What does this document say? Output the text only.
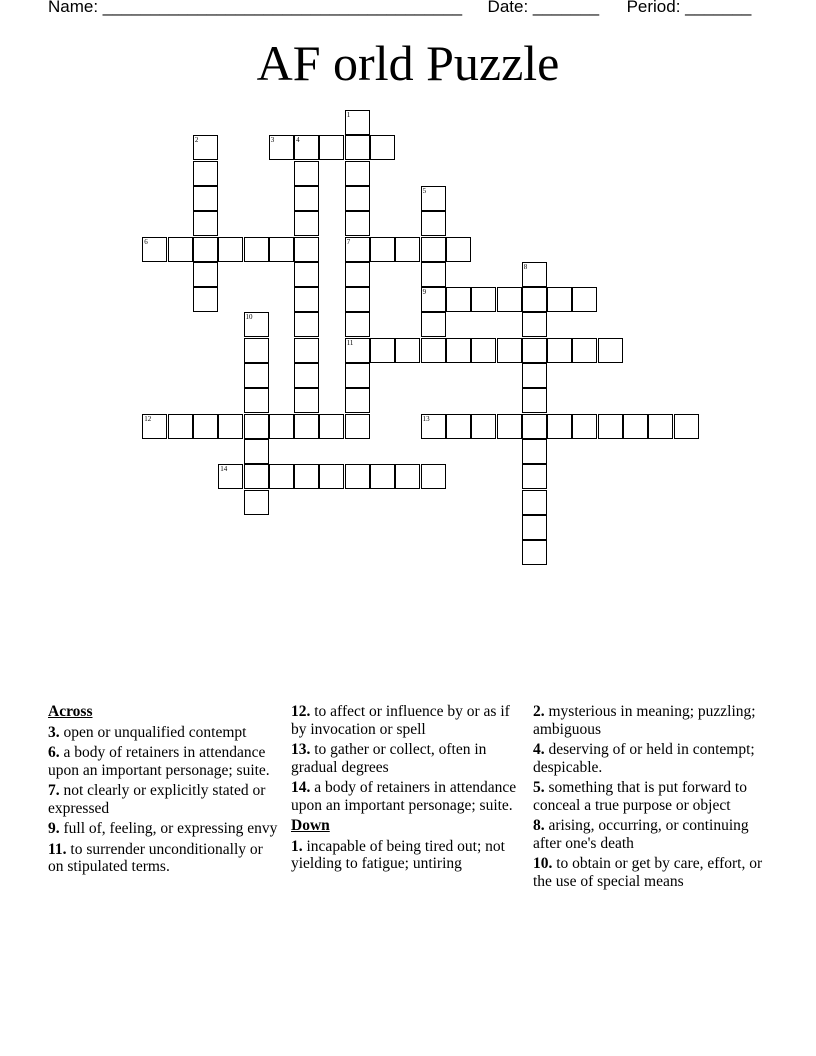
Name: ______________________________________ Date: _______ Period: _______
AF orld Puzzle
1
7
11
2	3	4
5
9
6
8
10
12	13
14
Across
3. open or unqualified contempt
6. a body of retainers in attendance upon an important personage; suite.
7. not clearly or explicitly stated or expressed
9. full of, feeling, or expressing envy
11. to surrender unconditionally or on stipulated terms.
12. to affect or influence by or as if by invocation or spell
13. to gather or collect, often in gradual degrees
14. a body of retainers in attendance upon an important personage; suite.
Down
1. incapable of being tired out; not yielding to fatigue; untiring
2. mysterious in meaning; puzzling; ambiguous
4. deserving of or held in contempt; despicable.
5. something that is put forward to conceal a true purpose or object
8. arising, occurring, or continuing after one's death
10. to obtain or get by care, effort, or the use of special means
